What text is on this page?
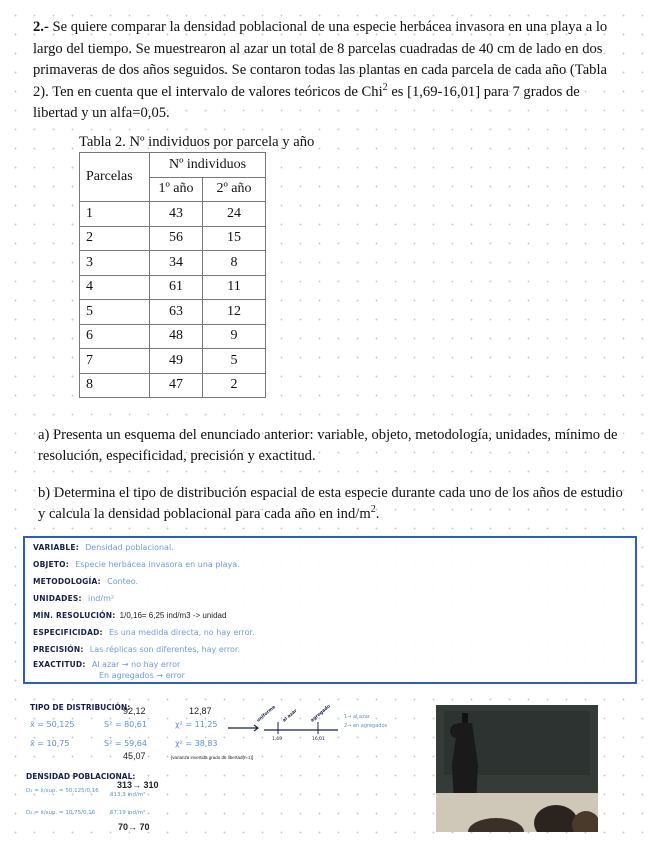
2.- Se quiere comparar la densidad poblacional de una especie herbácea invasora en una playa a lo largo del tiempo. Se muestrearon al azar un total de 8 parcelas cuadradas de 40 cm de lado en dos primaveras de dos años seguidos. Se contaron todas las plantas en cada parcela de cada año (Tabla 2). Ten en cuenta que el intervalo de valores teóricos de Chi$^2$ es [1,69-16,01] para 7 grados de libertad y un alfa=0,05.
Tabla 2. Nº individuos por parcela y año
Parcelas	Nº individuos	
	1º año	2º año
1	43	24
2	56	15
3	34	8
4	61	11
5	63	12
6	48	9
7	49	5
8	47	2
a) Presenta un esquema del enunciado anterior: variable, objeto, metodología, unidades, mínimo de resolución, especificidad, precisión y exactitud.
b) Determina el tipo de distribución espacial de esta especie durante cada uno de los años de estudio y calcula la densidad poblacional para cada año en ind/$m^2$.
VARIABLE: Densidad poblacional.
OBJETO: Especie herbácea invasora en una playa.
METODOLOGÍA: Conteo.
UNIDADES: ind/m²
MÍN. RESOLUCIÓN: 1/0,16= 6,25 ind/m3 -> unidad
ESPECIFICIDAD: Es una medida directa, no hay error.
PRECISIÓN: Las réplicas son diferentes, hay error.
EXACTITUD: Al azar → no hay error
En agregados → error
TIPO DE DISTRIBUCIÓN:
x̄ = 50,125
x̄ = 10,75
92,12
S² = 80,61
S² = 59,64
45,07
12,87
χ² = 11,25
χ² = 38,83
[varianza invertida grado de libertad(n-1)]
1,69	16,01
uniforme al azar	agregado 1→ al azar
2→ en agregados
DENSIDAD POBLACIONAL:
D₁ = x̄/sup. = 50,125/0,16
313→ 310
313,3 ind/m²
D₂ = x̄/sup. = 10,75/0,16	67,19 ind/m²
70→ 70
